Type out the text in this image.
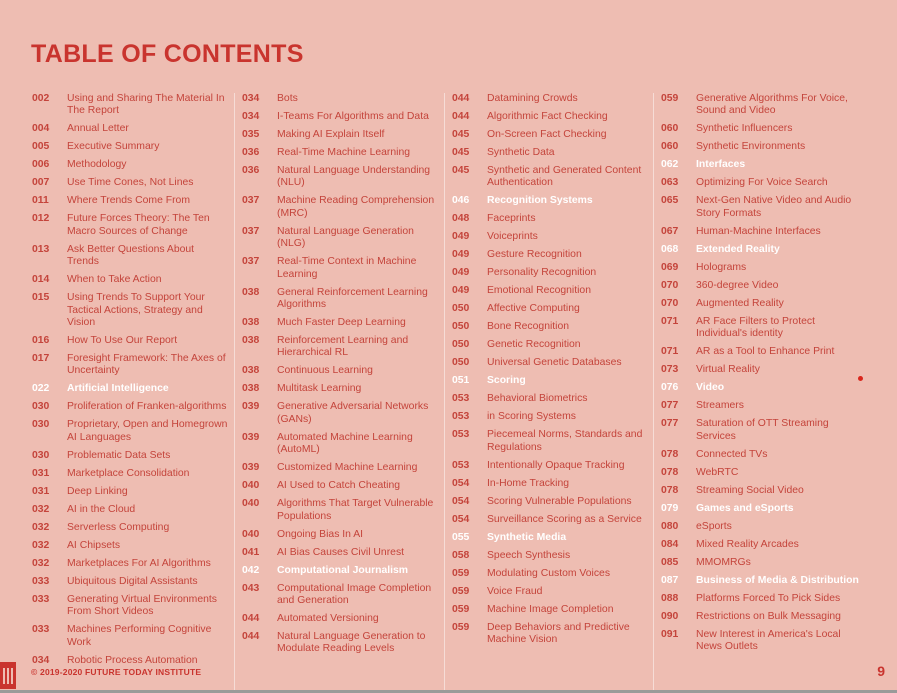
TABLE OF CONTENTS
002	Using and Sharing The Material In The Report
004	Annual Letter
005	Executive Summary
006	Methodology
007	Use Time Cones, Not Lines
011	Where Trends Come From
012	Future Forces Theory: The Ten Macro Sources of Change
013	Ask Better Questions About Trends
014	When to Take Action
015	Using Trends To Support Your Tactical Actions, Strategy and Vision
016	How To Use Our Report
017	Foresight Framework: The Axes of Uncertainty
022	Artificial Intelligence
030	Proliferation of Franken-algorithms
030	Proprietary, Open and Homegrown AI Languages
030	Problematic Data Sets
031	Marketplace Consolidation
031	Deep Linking
032	AI in the Cloud
032	Serverless Computing
032	AI Chipsets
032	Marketplaces For AI Algorithms
033	Ubiquitous Digital Assistants
033	Generating Virtual Environments From Short Videos
033	Machines Performing Cognitive Work
034	Robotic Process Automation
034	Bots
034	I-Teams For Algorithms and Data
035	Making AI Explain Itself
036	Real-Time Machine Learning
036	Natural Language Understanding (NLU)
037	Machine Reading Comprehension (MRC)
037	Natural Language Generation (NLG)
037	Real-Time Context in Machine Learning
038	General Reinforcement Learning Algorithms
038	Much Faster Deep Learning
038	Reinforcement Learning and Hierarchical RL
038	Continuous Learning
038	Multitask Learning
039	Generative Adversarial Networks (GANs)
039	Automated Machine Learning (AutoML)
039	Customized Machine Learning
040	AI Used to Catch Cheating
040	Algorithms That Target Vulnerable Populations
040	Ongoing Bias In AI
041	AI Bias Causes Civil Unrest
042	Computational Journalism
043	Computational Image Completion and Generation
044	Automated Versioning
044	Natural Language Generation to Modulate Reading Levels
044	Datamining Crowds
044	Algorithmic Fact Checking
045	On-Screen Fact Checking
045	Synthetic Data
045	Synthetic and Generated Content Authentication
046	Recognition Systems
048	Faceprints
049	Voiceprints
049	Gesture Recognition
049	Personality Recognition
049	Emotional Recognition
050	Affective Computing
050	Bone Recognition
050	Genetic Recognition
050	Universal Genetic Databases
051	Scoring
053	Behavioral Biometrics
053	in Scoring Systems
053	Piecemeal Norms, Standards and Regulations
053	Intentionally Opaque Tracking
054	In-Home Tracking
054	Scoring Vulnerable Populations
054	Surveillance Scoring as a Service
055	Synthetic Media
058	Speech Synthesis
059	Modulating Custom Voices
059	Voice Fraud
059	Machine Image Completion
059	Deep Behaviors and Predictive Machine Vision
059	Generative Algorithms For Voice, Sound and Video
060	Synthetic Influencers
060	Synthetic Environments
062	Interfaces
063	Optimizing For Voice Search
065	Next-Gen Native Video and Audio Story Formats
067	Human-Machine Interfaces
068	Extended Reality
069	Holograms
070	360-degree Video
070	Augmented Reality
071	AR Face Filters to Protect Individual's identity
071	AR as a Tool to Enhance Print
073	Virtual Reality
076	Video
077	Streamers
077	Saturation of OTT Streaming Services
078	Connected TVs
078	WebRTC
078	Streaming Social Video
079	Games and eSports
080	eSports
084	Mixed Reality Arcades
085	MMOMRGs
087	Business of Media & Distribution
088	Platforms Forced To Pick Sides
090	Restrictions on Bulk Messaging
091	New Interest in America's Local News Outlets
© 2019-2020 FUTURE TODAY INSTITUTE	9
